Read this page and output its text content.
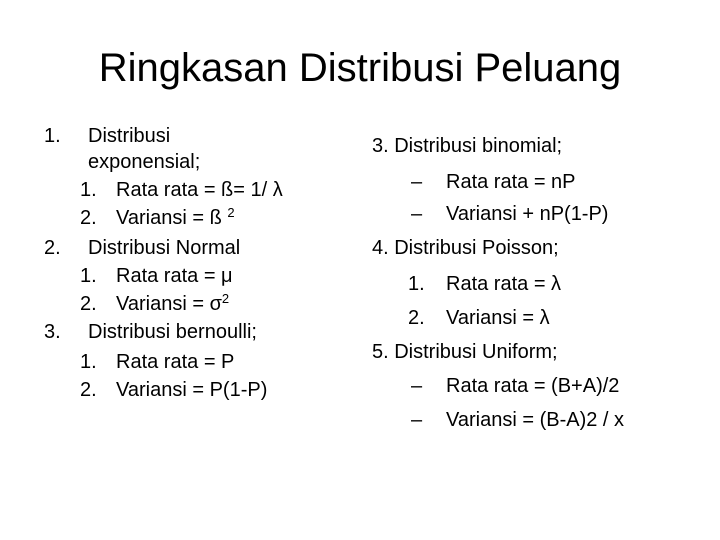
Ringkasan Distribusi Peluang
1. Distribusi
exponensial;
1. Rata rata = ß= 1/ λ
2. Variansi = ß $^2$
2. Distribusi Normal
1. Rata rata = μ
2. Variansi = $\sigma^2$
3. Distribusi bernoulli;
1. Rata rata = P
2. Variansi = P(1-P)
3. Distribusi binomial;
– Rata rata = nP
– Variansi + nP(1-P)
4. Distribusi Poisson;
1. Rata rata = λ
2. Variansi = λ
5. Distribusi Uniform;
– Rata rata = (B+A)/2
– Variansi = (B-A)2 / x
